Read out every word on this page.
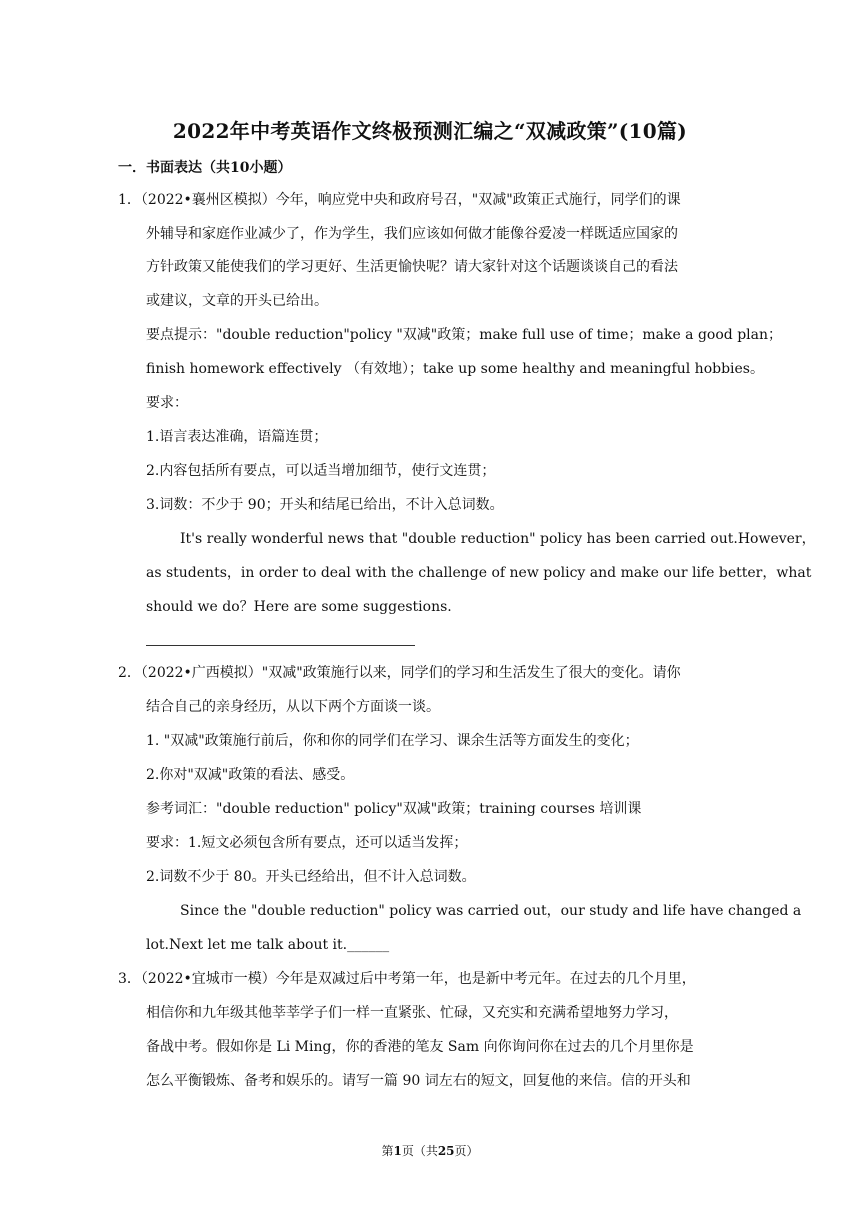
2022年中考英语作文终极预测汇编之“双减政策”(10篇)
一．书面表达（共10小题）
1．（2022•襄州区模拟）今年，响应党中央和政府号召，"双减"政策正式施行，同学们的课
外辅导和家庭作业减少了，作为学生，我们应该如何做才能像谷爱凌一样既适应国家的
方针政策又能使我们的学习更好、生活更愉快呢？请大家针对这个话题谈谈自己的看法
或建议，文章的开头已给出。
要点提示："double reduction"policy "双减"政策；make full use of time；make a good plan；
finish homework effectively （有效地）；take up some healthy and meaningful hobbies。
要求：
1.语言表达准确，语篇连贯；
2.内容包括所有要点，可以适当增加细节，使行文连贯；
3.词数：不少于 90；开头和结尾已给出，不计入总词数。
It's really wonderful news that "double reduction" policy has been carried out.However，
as students，in order to deal with the challenge of new policy and make our life better，what
should we do？Here are some suggestions.
2．（2022•广西模拟）"双减"政策施行以来，同学们的学习和生活发生了很大的变化。请你
结合自己的亲身经历，从以下两个方面谈一谈。
1. "双减"政策施行前后，你和你的同学们在学习、课余生活等方面发生的变化；
2.你对"双减"政策的看法、感受。
参考词汇："double reduction" policy"双减"政策；training courses 培训课
要求：1.短文必须包含所有要点，还可以适当发挥；
2.词数不少于 80。开头已经给出，但不计入总词数。
Since the "double reduction" policy was carried out，our study and life have changed a
lot.Next let me talk about it.______
3．（2022•宜城市一模）今年是双减过后中考第一年，也是新中考元年。在过去的几个月里，
相信你和九年级其他莘莘学子们一样一直紧张、忙碌，又充实和充满希望地努力学习，
备战中考。假如你是 Li Ming，你的香港的笔友 Sam 向你询问你在过去的几个月里你是
怎么平衡锻炼、备考和娱乐的。请写一篇 90 词左右的短文，回复他的来信。信的开头和
第1页（共25页）
